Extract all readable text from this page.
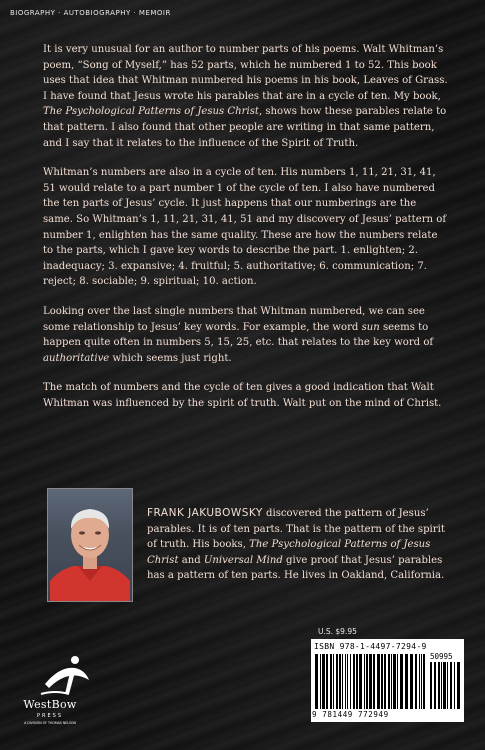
BIOGRAPHY · AUTOBIOGRAPHY · MEMOIR

It is very unusual for an author to number parts of his poems. Walt Whitman’s poem, “Song of Myself,” has 52 parts, which he numbered 1 to 52. This book uses that idea that Whitman numbered his poems in his book, Leaves of Grass. I have found that Jesus wrote his parables that are in a cycle of ten. My book, The Psychological Patterns of Jesus Christ, shows how these parables relate to that pattern. I also found that other people are writing in that same pattern, and I say that it relates to the influence of the Spirit of Truth.

Whitman’s numbers are also in a cycle of ten. His numbers 1, 11, 21, 31, 41, 51 would relate to a part number 1 of the cycle of ten. I also have numbered the ten parts of Jesus’ cycle. It just happens that our numberings are the same. So Whitman’s 1, 11, 21, 31, 41, 51 and my discovery of Jesus’ pattern of number 1, enlighten has the same quality. These are how the numbers relate to the parts, which I gave key words to describe the part. 1. enlighten; 2. inadequacy; 3. expansive; 4. fruitful; 5. authoritative; 6. communication; 7. reject; 8. sociable; 9. spiritual; 10. action.

Looking over the last single numbers that Whitman numbered, we can see some relationship to Jesus’ key words. For example, the word sun seems to happen quite often in numbers 5, 15, 25, etc. that relates to the key word of authoritative which seems just right.

The match of numbers and the cycle of ten gives a good indication that Walt Whitman was influenced by the spirit of truth. Walt put on the mind of Christ.

FRANK JAKUBOWSKY discovered the pattern of Jesus’ parables. It is of ten parts. That is the pattern of the spirit of truth. His books, The Psychological Patterns of Jesus Christ and Universal Mind give proof that Jesus’ parables has a pattern of ten parts. He lives in Oakland, California.
U.S. $9.95
ISBN 978-1-4497-7294-9
50995
9 781449 772949
WestBow
PRESS
A DIVISION OF THOMAS NELSON
